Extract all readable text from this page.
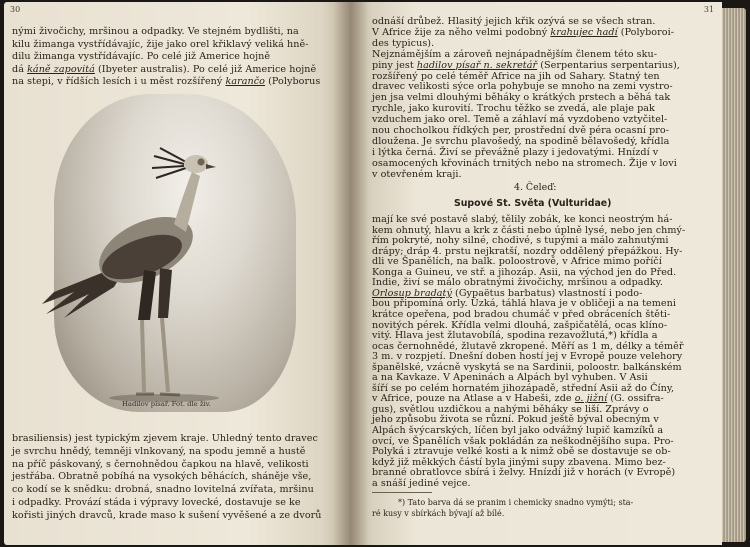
30
nými živočichy, mršinou a odpadky. Ve stejném bydlišti, na
kilu žimanga vystřídávajíc, žije jako orel křiklavý veliká hně-
dilu žimanga vystřídávajíc. Po celé již Americe hojně
dá káně zapovitá (Ibyeter australis). Po celé již Americe hojně
na stepi, v řídších lesích i u měst rozšířený karančo (Polyborus
Hadilov písař. Fot. dle živ.
brasiliensis) jest typickým zjevem kraje. Uhledný tento dravec
je svrchu hnědý, temněji vlnkovaný, na spodu jemně a hustě
na příč páskovaný, s černohnědou čapkou na hlavě, velikosti
jestřába. Obratně pobíhá na vysokých běhácích, sháněje vše,
co kodí se k snědku: drobná, snadno lovitelná zvířata, mršinu
i odpadky. Provází stáda i výpravy lovecké, dostavuje se ke
kořisti jiných dravců, krade maso k sušení vyvěšené a ze dvorů
31
odnáší drůbež. Hlasitý jejich křik ozývá se se všech stran.
V Africe žije za něho velmi podobný krahujec hadí (Polyboroi-
des typicus).
Nejznámějším a zároveň nejnápadnějším členem této sku-
piny jest hadilov písař n. sekretář (Serpentarius serpentarius),
rozšířený po celé téměř Africe na jih od Sahary. Statný ten
dravec velikosti sýce orla pohybuje se mnoho na zemi vystro-
jen jsa velmi dlouhými běháky o krátkých prstech a běhá tak
rychle, jako kurovití. Trochu těžko se zvedá, ale plaje pak
vzduchem jako orel. Temě a záhlaví má vyzdobeno vztyčitel-
nou chocholkou řídkých per, prostřední dvě péra ocasní pro-
dloužena. Je svrchu plavošedý, na spodině bělavošedý, křídla
i lýtka černá. Živí se převážně plazy i jedovatými. Hnízdí v
osamocených křovinách trnitých nebo na stromech. Žije v lovi
v otevřeném kraji.
4. Čeleď:
Supové St. Světa (Vulturidae)
mají ke své postavě slabý, tělily zobák, ke konci neostrým há-
kem ohnutý, hlavu a krk z části nebo úplně lysé, nebo jen chmý-
řím pokryté, nohy silné, chodivé, s tupými a málo zahnutými
drápy; dráp 4. prstu nejkratší, nozdry oddělený přepážkou. Hy-
dli ve Španělích, na balk. poloostrově, v Africe mimo poříčí
Konga a Guineu, ve stř. a jihozáp. Asii, na východ jen do Před.
Indie, živí se málo obratnými živočichy, mršinou a odpadky.
Orlosup bradatý (Gypaëtus barbatus) vlastností i podo-
bou připomíná orly. Úzká, táhlá hlava je v obličeji a na temeni
krátce opeřena, pod bradou chumáč v před obráceních štěti-
novitých pérek. Křídla velmi dlouhá, zašpičatělá, ocas klíno-
vitý. Hlava jest žlutavobílá, spodina rezavožlutá,*) křídla a
ocas černohnědé, žlutavě zkropené. Měří as 1 m, délky a téměř
3 m. v rozpjetí. Dnešní doben hostí jej v Evropě pouze velehory
španělské, vzácně vyskytá se na Sardinii, poloostr. balkánském
a na Kavkaze. V Apeninách a Alpách byl vyhuben. V Asii
šíří se po celém hornatém jihozápadě, střední Asii až do Číny,
v Africe, pouze na Atlase a v Habeši, zde o. jižní (G. ossifra-
gus), světlou uzdičkou a nahými běháky se liší. Zprávy o
jeho způsobu života se různí. Pokud ještě býval obecným v
Alpách švýcarských, líčen byl jako odvážný lupič kamzíků a
ovcí, ve Španělích však pokládán za neškodnějšího supa. Pro-
Polyká i ztravuje velké kosti a k nimž obě se dostavuje se ob-
když již měkkých částí byla jinými supy zbavena. Mimo bez-
branné obratlovce sbírá i želvy. Hnízdí již v horách (v Evropě)
a snáší jediné vejce.
*) Tato barva dá se pranim i chemicky snadno vymýti; sta-
ré kusy v sbírkách bývají až bílé.
